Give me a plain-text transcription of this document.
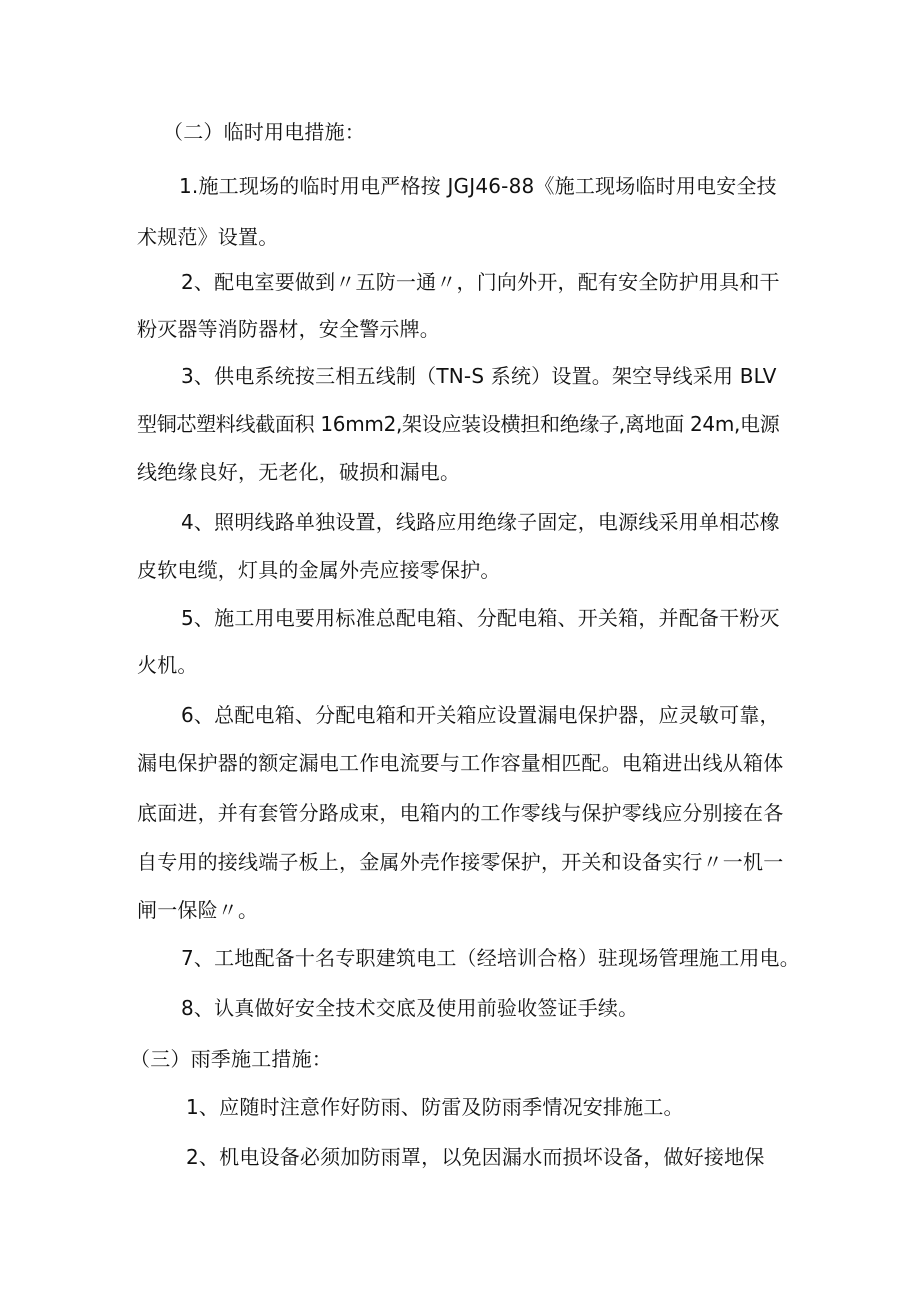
（二）临时用电措施：
1.施工现场的临时用电严格按 JGJ46-88《施工现场临时用电安全技
术规范》设置。
2、配电室要做到〃五防一通〃，门向外开，配有安全防护用具和干
粉灭器等消防器材，安全警示牌。
3、供电系统按三相五线制（TN-S 系统）设置。架空导线采用 BLV
型铜芯塑料线截面积 16mm2,架设应装设横担和绝缘子,离地面 24m,电源
线绝缘良好，无老化，破损和漏电。
4、照明线路单独设置，线路应用绝缘子固定，电源线采用单相芯橡
皮软电缆，灯具的金属外壳应接零保护。
5、施工用电要用标准总配电箱、分配电箱、开关箱，并配备干粉灭
火机。
6、总配电箱、分配电箱和开关箱应设置漏电保护器，应灵敏可靠，
漏电保护器的额定漏电工作电流要与工作容量相匹配。电箱进出线从箱体
底面进，并有套管分路成束，电箱内的工作零线与保护零线应分别接在各
自专用的接线端子板上，金属外壳作接零保护，开关和设备实行〃一机一
闸一保险〃。
7、工地配备十名专职建筑电工（经培训合格）驻现场管理施工用电。
8、认真做好安全技术交底及使用前验收签证手续。
（三）雨季施工措施：
1、应随时注意作好防雨、防雷及防雨季情况安排施工。
2、机电设备必须加防雨罩，以免因漏水而损坏设备，做好接地保
